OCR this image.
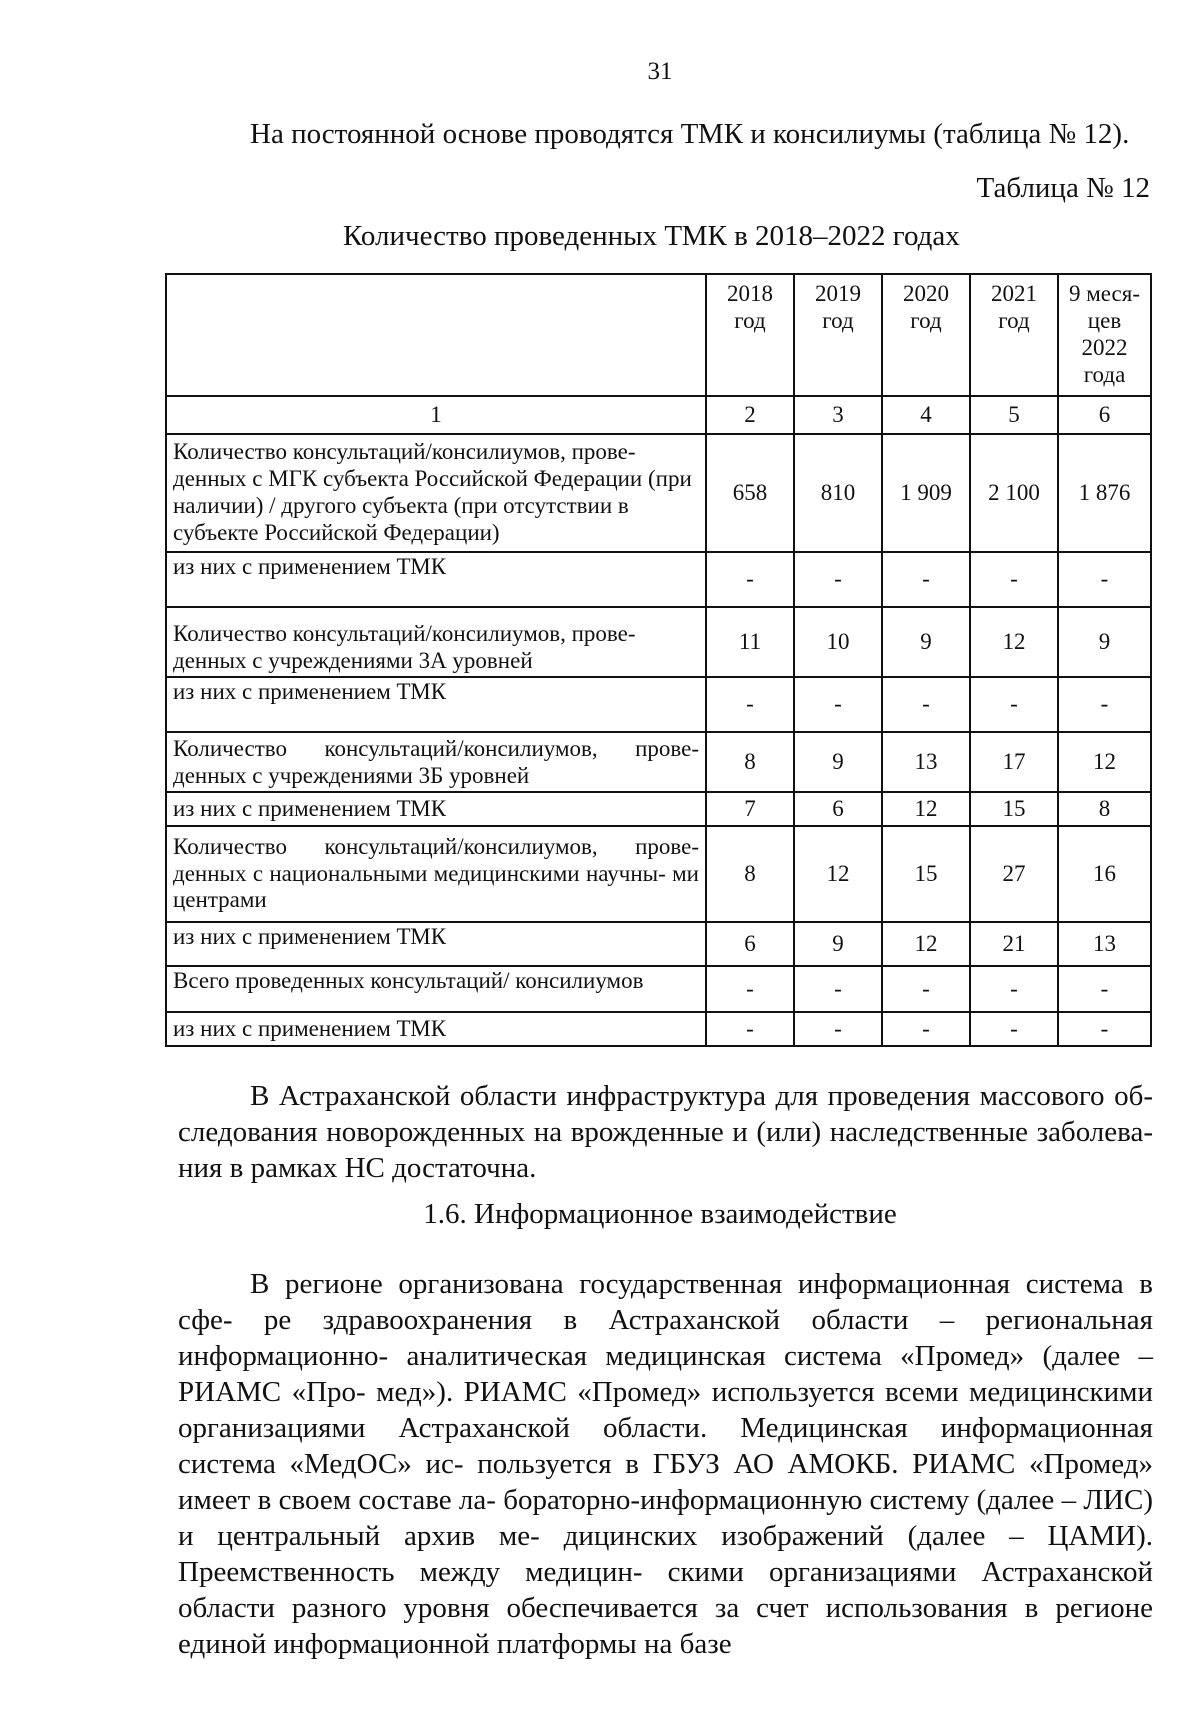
31
На постоянной основе проводятся ТМК и консилиумы (таблица № 12).
Таблица № 12
Количество проведенных ТМК в 2018–2022 годах
	2018 год	2019 год	2020 год	2021 год	9 меся- цев 2022 года
1	2	3	4	5	6
Количество консультаций/консилиумов, прове- денных с МГК субъекта Российской Федерации (при наличии) / другого субъекта (при отсутствии в субъекте Российской Федерации)	658	810	1 909	2 100	1 876
из них с применением ТМК	-	-	-	-	-
Количество консультаций/консилиумов, прове- денных с учреждениями 3А уровней	11	10	9	12	9
из них с применением ТМК	-	-	-	-	-
Количество консультаций/консилиумов, прове- денных с учреждениями 3Б уровней	8	9	13	17	12
из них с применением ТМК	7	6	12	15	8
Количество консультаций/консилиумов, прове- денных с национальными медицинскими научны- ми центрами	8	12	15	27	16
из них с применением ТМК	6	9	12	21	13
Всего проведенных консультаций/ консилиумов	-	-	-	-	-
из них с применением ТМК	-	-	-	-	-
В Астраханской области инфраструктура для проведения массового об- следования новорожденных на врожденные и (или) наследственные заболева- ния в рамках НС достаточна.
1.6. Информационное взаимодействие
В регионе организована государственная информационная система в сфе- ре здравоохранения в Астраханской области – региональная информационно- аналитическая медицинская система «Промед» (далее – РИАМС «Про- мед»). РИАМС «Промед» используется всеми медицинскими организациями Астраханской области. Медицинская информационная система «МедОС» ис- пользуется в ГБУЗ АО АМОКБ. РИАМС «Промед» имеет в своем составе ла- бораторно-информационную систему (далее – ЛИС) и центральный архив ме- дицинских изображений (далее – ЦАМИ). Преемственность между медицин- скими организациями Астраханской области разного уровня обеспечивается за счет использования в регионе единой информационной платформы на базе
